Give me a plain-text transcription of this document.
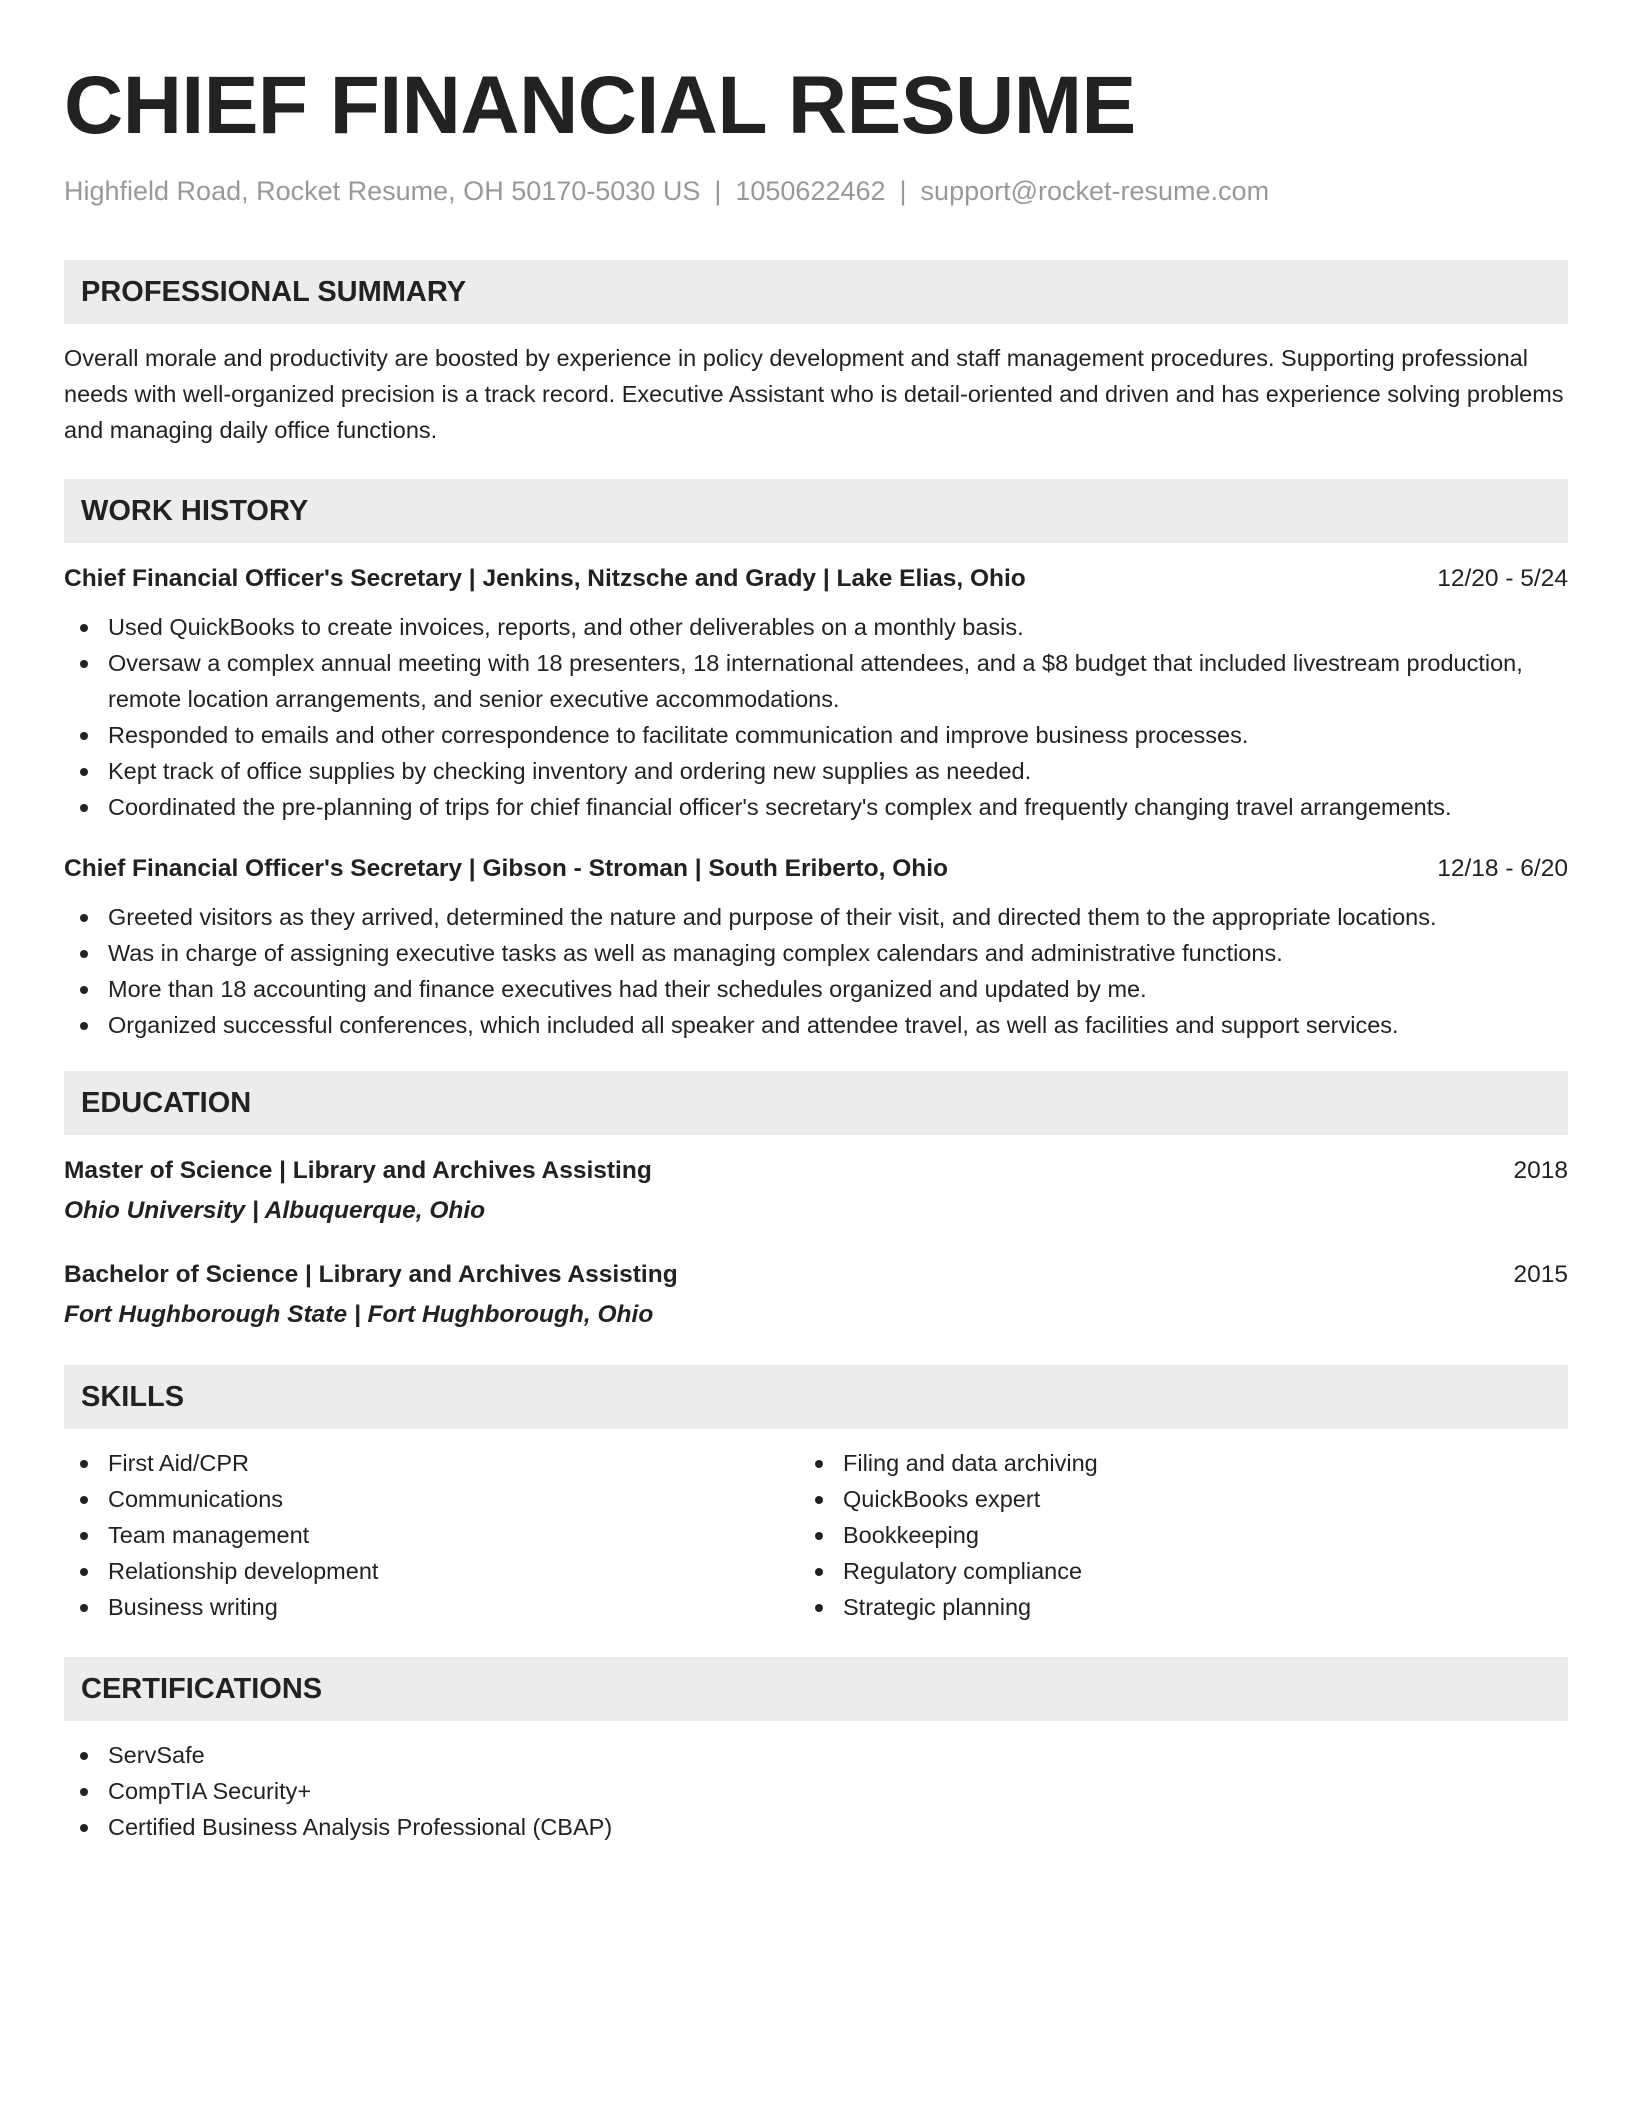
CHIEF FINANCIAL RESUME
Highfield Road, Rocket Resume, OH 50170-5030 US | 1050622462 | support@rocket-resume.com
PROFESSIONAL SUMMARY

Overall morale and productivity are boosted by experience in policy development and staff management procedures. Supporting professional needs with well-organized precision is a track record. Executive Assistant who is detail-oriented and driven and has experience solving problems and managing daily office functions.

WORK HISTORY
Chief Financial Officer's Secretary | Jenkins, Nitzsche and Grady | Lake Elias, Ohio	12/20 - 5/24
Used QuickBooks to create invoices, reports, and other deliverables on a monthly basis.
Oversaw a complex annual meeting with 18 presenters, 18 international attendees, and a $8 budget that included livestream production, remote location arrangements, and senior executive accommodations.
Responded to emails and other correspondence to facilitate communication and improve business processes.
Kept track of office supplies by checking inventory and ordering new supplies as needed.
Coordinated the pre-planning of trips for chief financial officer's secretary's complex and frequently changing travel arrangements.
Chief Financial Officer's Secretary | Gibson - Stroman | South Eriberto, Ohio	12/18 - 6/20
Greeted visitors as they arrived, determined the nature and purpose of their visit, and directed them to the appropriate locations.
Was in charge of assigning executive tasks as well as managing complex calendars and administrative functions.
More than 18 accounting and finance executives had their schedules organized and updated by me.
Organized successful conferences, which included all speaker and attendee travel, as well as facilities and support services.
EDUCATION
Master of Science | Library and Archives Assisting	2018
Ohio University | Albuquerque, Ohio
Bachelor of Science | Library and Archives Assisting	2015
Fort Hughborough State | Fort Hughborough, Ohio
SKILLS
First Aid/CPR
Communications
Team management
Relationship development
Business writing
Filing and data archiving
QuickBooks expert
Bookkeeping
Regulatory compliance
Strategic planning
CERTIFICATIONS
ServSafe
CompTIA Security+
Certified Business Analysis Professional (CBAP)
